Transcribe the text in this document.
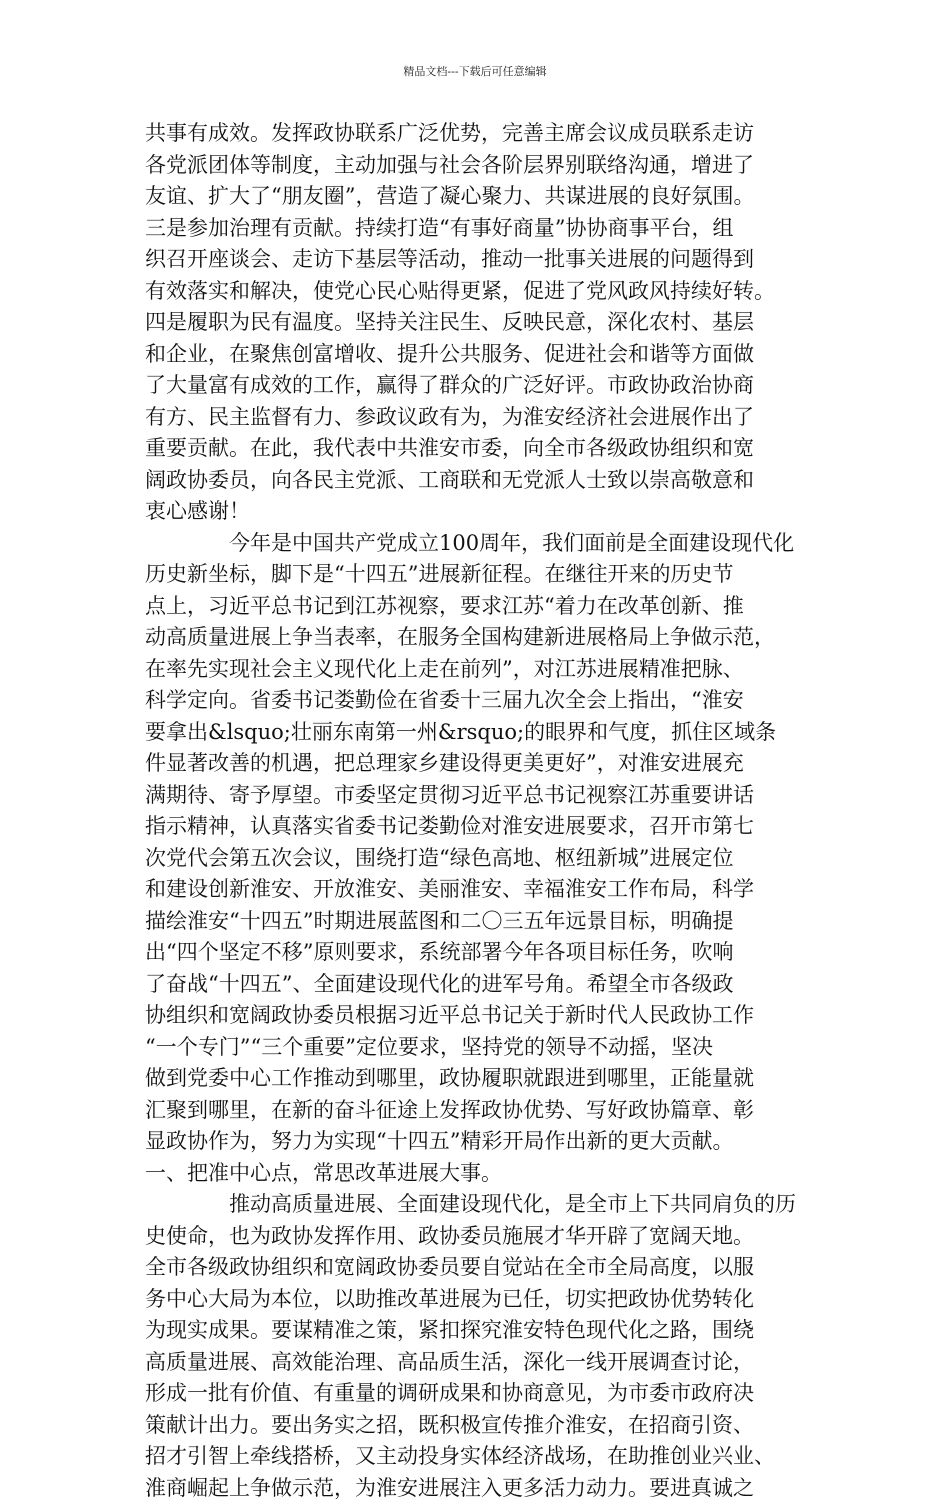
精品文档---下载后可任意编辑
共事有成效。发挥政协联系广泛优势，完善主席会议成员联系走访
各党派团体等制度，主动加强与社会各阶层界别联络沟通，增进了
友谊、扩大了“朋友圈”，营造了凝心聚力、共谋进展的良好氛围。
三是参加治理有贡献。持续打造“有事好商量”协协商事平台，组
织召开座谈会、走访下基层等活动，推动一批事关进展的问题得到
有效落实和解决，使党心民心贴得更紧，促进了党风政风持续好转。
四是履职为民有温度。坚持关注民生、反映民意，深化农村、基层
和企业，在聚焦创富增收、提升公共服务、促进社会和谐等方面做
了大量富有成效的工作，赢得了群众的广泛好评。市政协政治协商
有方、民主监督有力、参政议政有为，为淮安经济社会进展作出了
重要贡献。在此，我代表中共淮安市委，向全市各级政协组织和宽
阔政协委员，向各民主党派、工商联和无党派人士致以崇高敬意和
衷心感谢！
　　　　今年是中国共产党成立100周年，我们面前是全面建设现代化
历史新坐标，脚下是“十四五”进展新征程。在继往开来的历史节
点上，习近平总书记到江苏视察，要求江苏“着力在改革创新、推
动高质量进展上争当表率，在服务全国构建新进展格局上争做示范，
在率先实现社会主义现代化上走在前列”，对江苏进展精准把脉、
科学定向。省委书记娄勤俭在省委十三届九次全会上指出，“淮安
要拿出&lsquo;壮丽东南第一州&rsquo;的眼界和气度，抓住区域条
件显著改善的机遇，把总理家乡建设得更美更好”，对淮安进展充
满期待、寄予厚望。市委坚定贯彻习近平总书记视察江苏重要讲话
指示精神，认真落实省委书记娄勤俭对淮安进展要求，召开市第七
次党代会第五次会议，围绕打造“绿色高地、枢纽新城”进展定位
和建设创新淮安、开放淮安、美丽淮安、幸福淮安工作布局，科学
描绘淮安“十四五”时期进展蓝图和二〇三五年远景目标，明确提
出“四个坚定不移”原则要求，系统部署今年各项目标任务，吹响
了奋战“十四五”、全面建设现代化的进军号角。希望全市各级政
协组织和宽阔政协委员根据习近平总书记关于新时代人民政协工作
“一个专门”“三个重要”定位要求，坚持党的领导不动摇，坚决
做到党委中心工作推动到哪里，政协履职就跟进到哪里，正能量就
汇聚到哪里，在新的奋斗征途上发挥政协优势、写好政协篇章、彰
显政协作为，努力为实现“十四五”精彩开局作出新的更大贡献。
一、把准中心点，常思改革进展大事。
　　　　推动高质量进展、全面建设现代化，是全市上下共同肩负的历
史使命，也为政协发挥作用、政协委员施展才华开辟了宽阔天地。
全市各级政协组织和宽阔政协委员要自觉站在全市全局高度，以服
务中心大局为本位，以助推改革进展为已任，切实把政协优势转化
为现实成果。要谋精准之策，紧扣探究淮安特色现代化之路，围绕
高质量进展、高效能治理、高品质生活，深化一线开展调查讨论，
形成一批有价值、有重量的调研成果和协商意见，为市委市政府决
策献计出力。要出务实之招，既积极宣传推介淮安，在招商引资、
招才引智上牵线搭桥，又主动投身实体经济战场，在助推创业兴业、
淮商崛起上争做示范，为淮安进展注入更多活力动力。要进真诚之
